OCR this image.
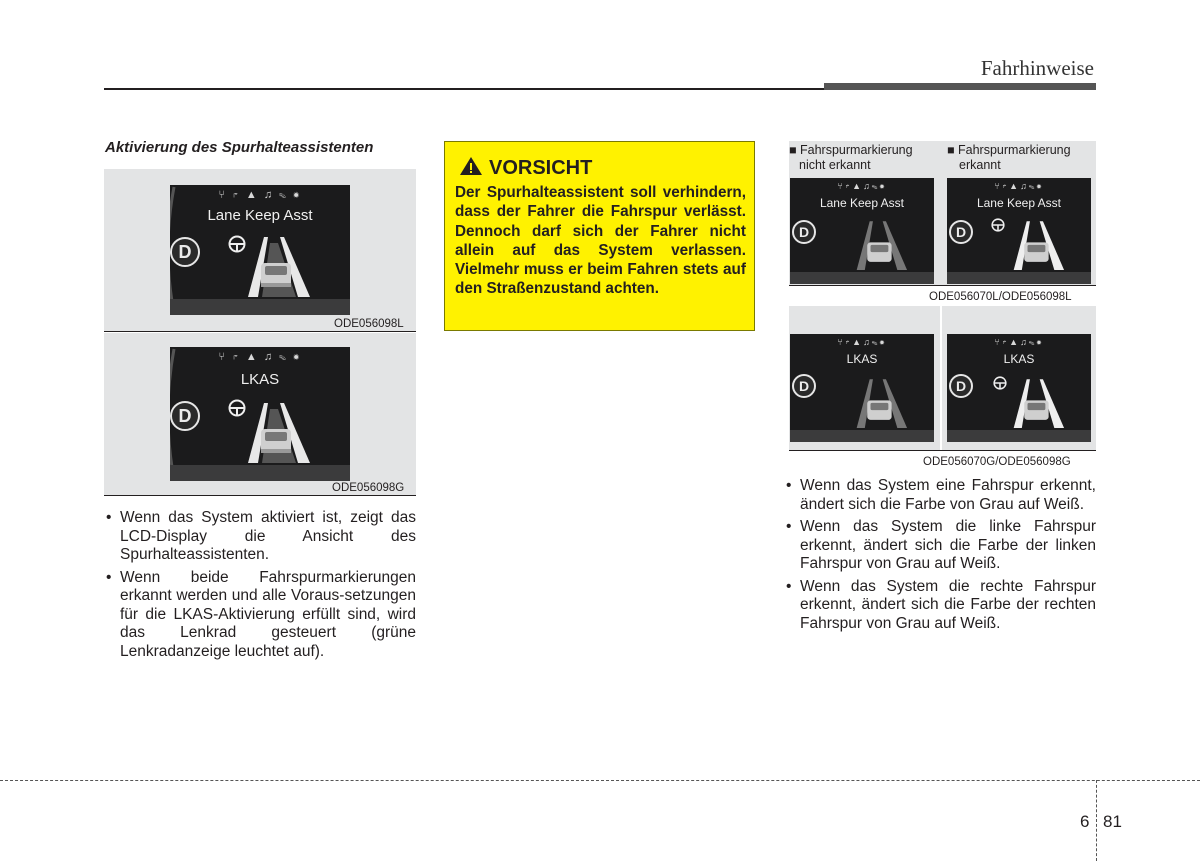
Fahrhinweise
Aktivierung des Spurhalteassistenten
⑂ ↱ ▲ ♫ ✎ ✹
Lane Keep Asst
D
ODE056098L
⑂ ↱ ▲ ♫ ✎ ✹
LKAS
D
ODE056098G
• Wenn das System aktiviert ist, zeigt das LCD-Display die Ansicht des Spurhalteassistenten.
• Wenn beide Fahrspurmarkierungen erkannt werden und alle Voraus-setzungen für die LKAS-Aktivierung erfüllt sind, wird das Lenkrad gesteuert (grüne Lenkradanzeige leuchtet auf).
VORSICHT
Der Spurhalteassistent soll verhindern, dass der Fahrer die Fahrspur verlässt. Dennoch darf sich der Fahrer nicht allein auf das System verlassen. Vielmehr muss er beim Fahren stets auf den Straßenzustand achten.
■ Fahrspurmarkierung
nicht erkannt
■ Fahrspurmarkierung
erkannt
⑂↱▲♫✎✹
Lane Keep Asst
D
⑂↱▲♫✎✹
Lane Keep Asst
D
ODE056070L/ODE056098L
⑂↱▲♫✎✹
LKAS
D
⑂↱▲♫✎✹
LKAS
D
ODE056070G/ODE056098G
• Wenn das System eine Fahrspur erkennt, ändert sich die Farbe von Grau auf Weiß.
• Wenn das System die linke Fahrspur erkennt, ändert sich die Farbe der linken Fahrspur von Grau auf Weiß.
• Wenn das System die rechte Fahrspur erkennt, ändert sich die Farbe der rechten Fahrspur von Grau auf Weiß.
6 81
